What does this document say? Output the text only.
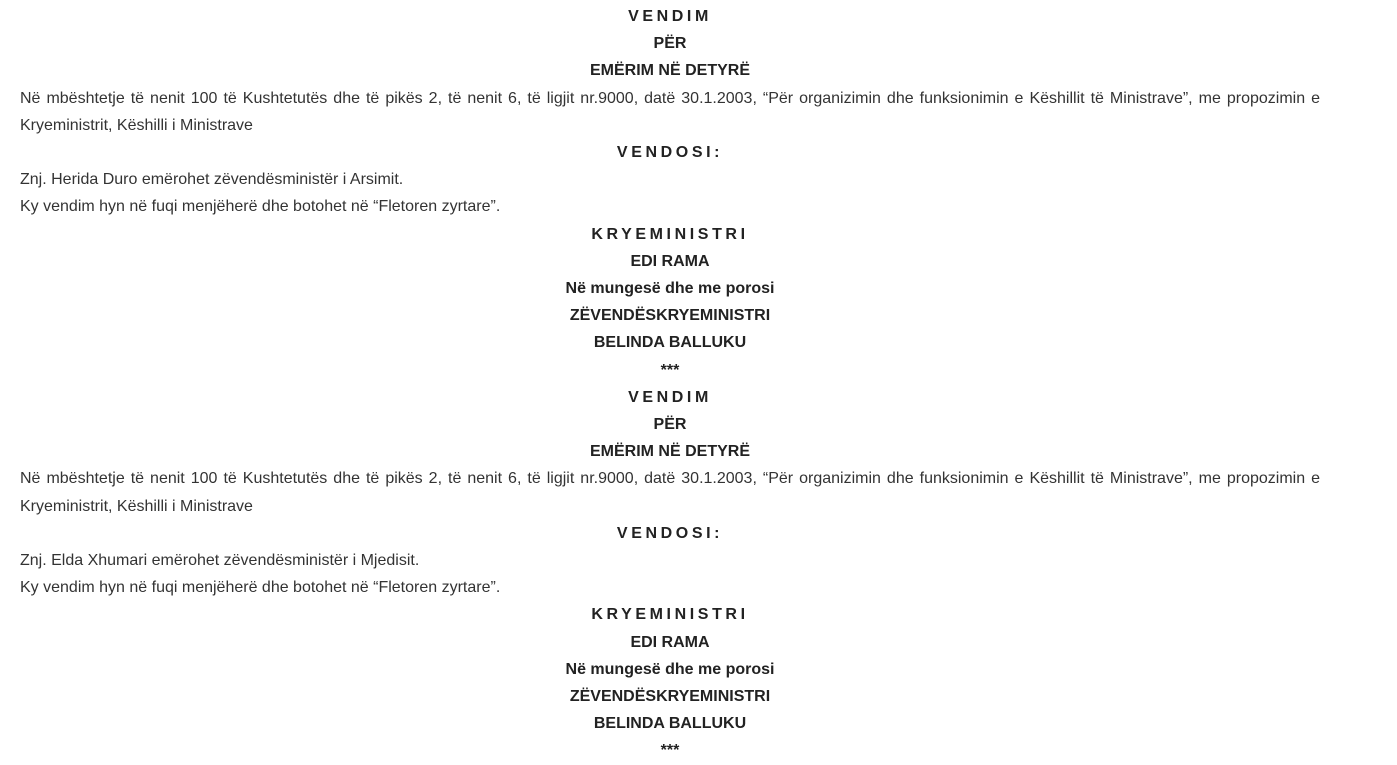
VENDIM

PËR

EMËRIM NË DETYRË

Në mbështetje të nenit 100 të Kushtetutës dhe të pikës 2, të nenit 6, të ligjit nr.9000, datë 30.1.2003, “Për organizimin dhe funksionimin e Këshillit të Ministrave”, me propozimin e Kryeministrit, Këshilli i Ministrave

VENDOSI:

Znj. Herida Duro emërohet zëvendësministër i Arsimit.

Ky vendim hyn në fuqi menjëherë dhe botohet në “Fletoren zyrtare”.

KRYEMINISTRI

EDI RAMA

Në mungesë dhe me porosi

ZËVENDËSKRYEMINISTRI

BELINDA BALLUKU

***

VENDIM

PËR

EMËRIM NË DETYRË

Në mbështetje të nenit 100 të Kushtetutës dhe të pikës 2, të nenit 6, të ligjit nr.9000, datë 30.1.2003, “Për organizimin dhe funksionimin e Këshillit të Ministrave”, me propozimin e Kryeministrit, Këshilli i Ministrave

VENDOSI:

Znj. Elda Xhumari emërohet zëvendësministër i Mjedisit.

Ky vendim hyn në fuqi menjëherë dhe botohet në “Fletoren zyrtare”.

KRYEMINISTRI

EDI RAMA

Në mungesë dhe me porosi

ZËVENDËSKRYEMINISTRI

BELINDA BALLUKU

***
